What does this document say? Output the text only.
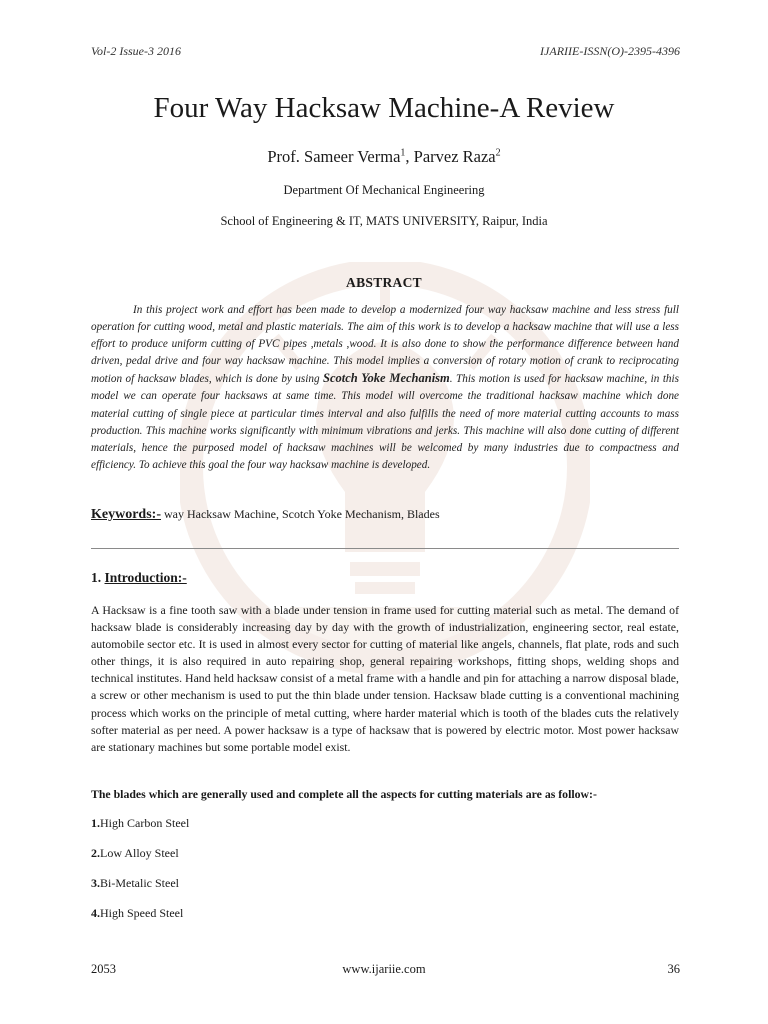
Vol-2 Issue-3 2016	IJARIIE-ISSN(O)-2395-4396
Four Way Hacksaw Machine-A Review
Prof. Sameer Verma$^1$, Parvez Raza$^2$
Department Of Mechanical Engineering
School of Engineering & IT, MATS UNIVERSITY, Raipur, India
ABSTRACT
In this project work and effort has been made to develop a modernized four way hacksaw machine and less stress full operation for cutting wood, metal and plastic materials. The aim of this work is to develop a hacksaw machine that will use a less effort to produce uniform cutting of PVC pipes ,metals ,wood. It is also done to show the performance difference between hand driven, pedal drive and four way hacksaw machine. This model implies a conversion of rotary motion of crank to reciprocating motion of hacksaw blades, which is done by using Scotch Yoke Mechanism. This motion is used for hacksaw machine, in this model we can operate four hacksaws at same time. This model will overcome the traditional hacksaw machine which done material cutting of single piece at particular times interval and also fulfills the need of more material cutting accounts to mass production. This machine works significantly with minimum vibrations and jerks. This machine will also done cutting of different materials, hence the purposed model of hacksaw machines will be welcomed by many industries due to compactness and efficiency. To achieve this goal the four way hacksaw machine is developed.
Keywords:- way Hacksaw Machine, Scotch Yoke Mechanism, Blades
1. Introduction:-
A Hacksaw is a fine tooth saw with a blade under tension in frame used for cutting material such as metal. The demand of hacksaw blade is considerably increasing day by day with the growth of industrialization, engineering sector, real estate, automobile sector etc. It is used in almost every sector for cutting of material like angels, channels, flat plate, rods and such other things, it is also required in auto repairing shop, general repairing workshops, fitting shops, welding shops and technical institutes. Hand held hacksaw consist of a metal frame with a handle and pin for attaching a narrow disposal blade, a screw or other mechanism is used to put the thin blade under tension. Hacksaw blade cutting is a conventional machining process which works on the principle of metal cutting, where harder material which is tooth of the blades cuts the relatively softer material as per need. A power hacksaw is a type of hacksaw that is powered by electric motor. Most power hacksaw are stationary machines but some portable model exist.
The blades which are generally used and complete all the aspects for cutting materials are as follow:-
1.High Carbon Steel
2.Low Alloy Steel
3.Bi-Metalic Steel
4.High Speed Steel
2053	www.ijariie.com	36
